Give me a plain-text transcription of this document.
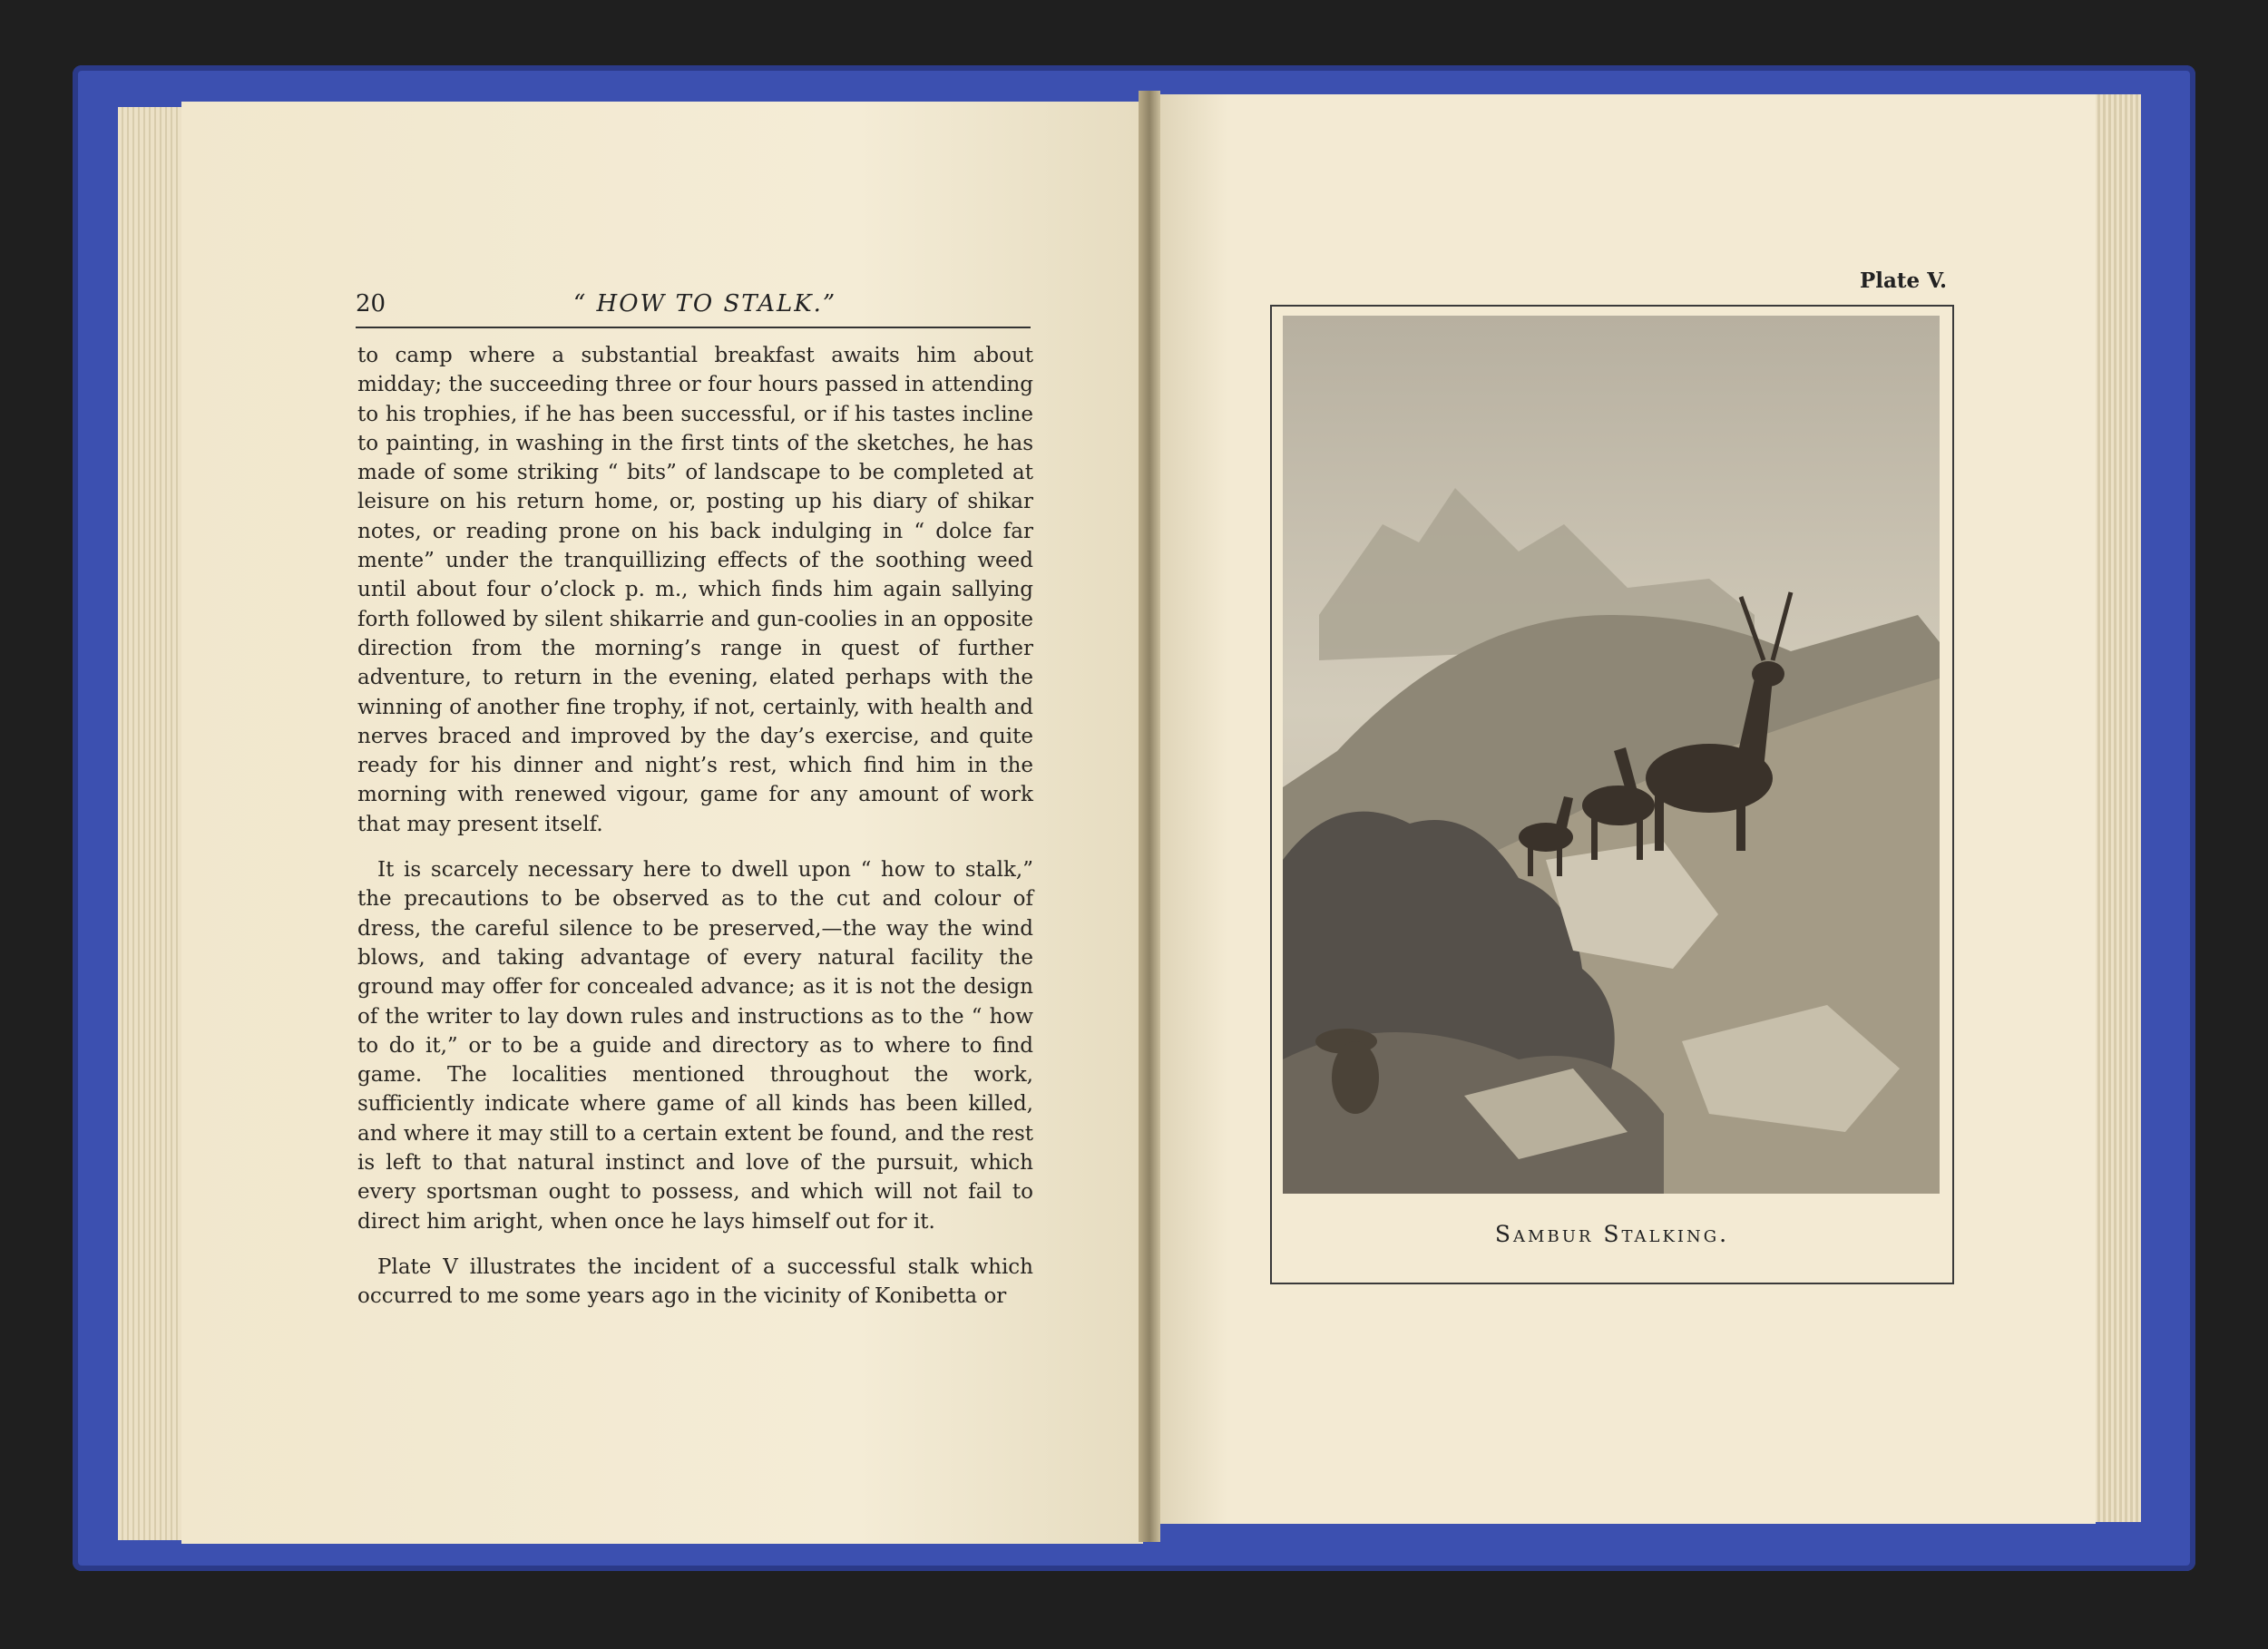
20	“ HOW TO STALK.”

to camp where a substantial breakfast awaits him about midday; the succeeding three or four hours passed in attending to his trophies, if he has been successful, or if his tastes incline to painting, in washing in the first tints of the sketches, he has made of some striking “ bits” of landscape to be completed at leisure on his return home, or, posting up his diary of shikar notes, or reading prone on his back indulging in “ dolce far mente” under the tranquillizing effects of the soothing weed until about four o’clock p. m., which finds him again sallying forth followed by silent shikarrie and gun-coolies in an opposite direction from the morning’s range in quest of further adventure, to return in the evening, elated perhaps with the winning of another fine trophy, if not, certainly, with health and nerves braced and improved by the day’s exercise, and quite ready for his dinner and night’s rest, which find him in the morning with renewed vigour, game for any amount of work that may present itself.

It is scarcely necessary here to dwell upon “ how to stalk,” the precautions to be observed as to the cut and colour of dress, the careful silence to be preserved,—the way the wind blows, and taking advantage of every natural facility the ground may offer for concealed advance; as it is not the design of the writer to lay down rules and instructions as to the “ how to do it,” or to be a guide and directory as to where to find game. The localities mentioned throughout the work, sufficiently indicate where game of all kinds has been killed, and where it may still to a certain extent be found, and the rest is left to that natural instinct and love of the pursuit, which every sportsman ought to possess, and which will not fail to direct him aright, when once he lays himself out for it.

Plate V illustrates the incident of a successful stalk which occurred to me some years ago in the vicinity of Konibetta or

Plate V.
Sambur Stalking.
